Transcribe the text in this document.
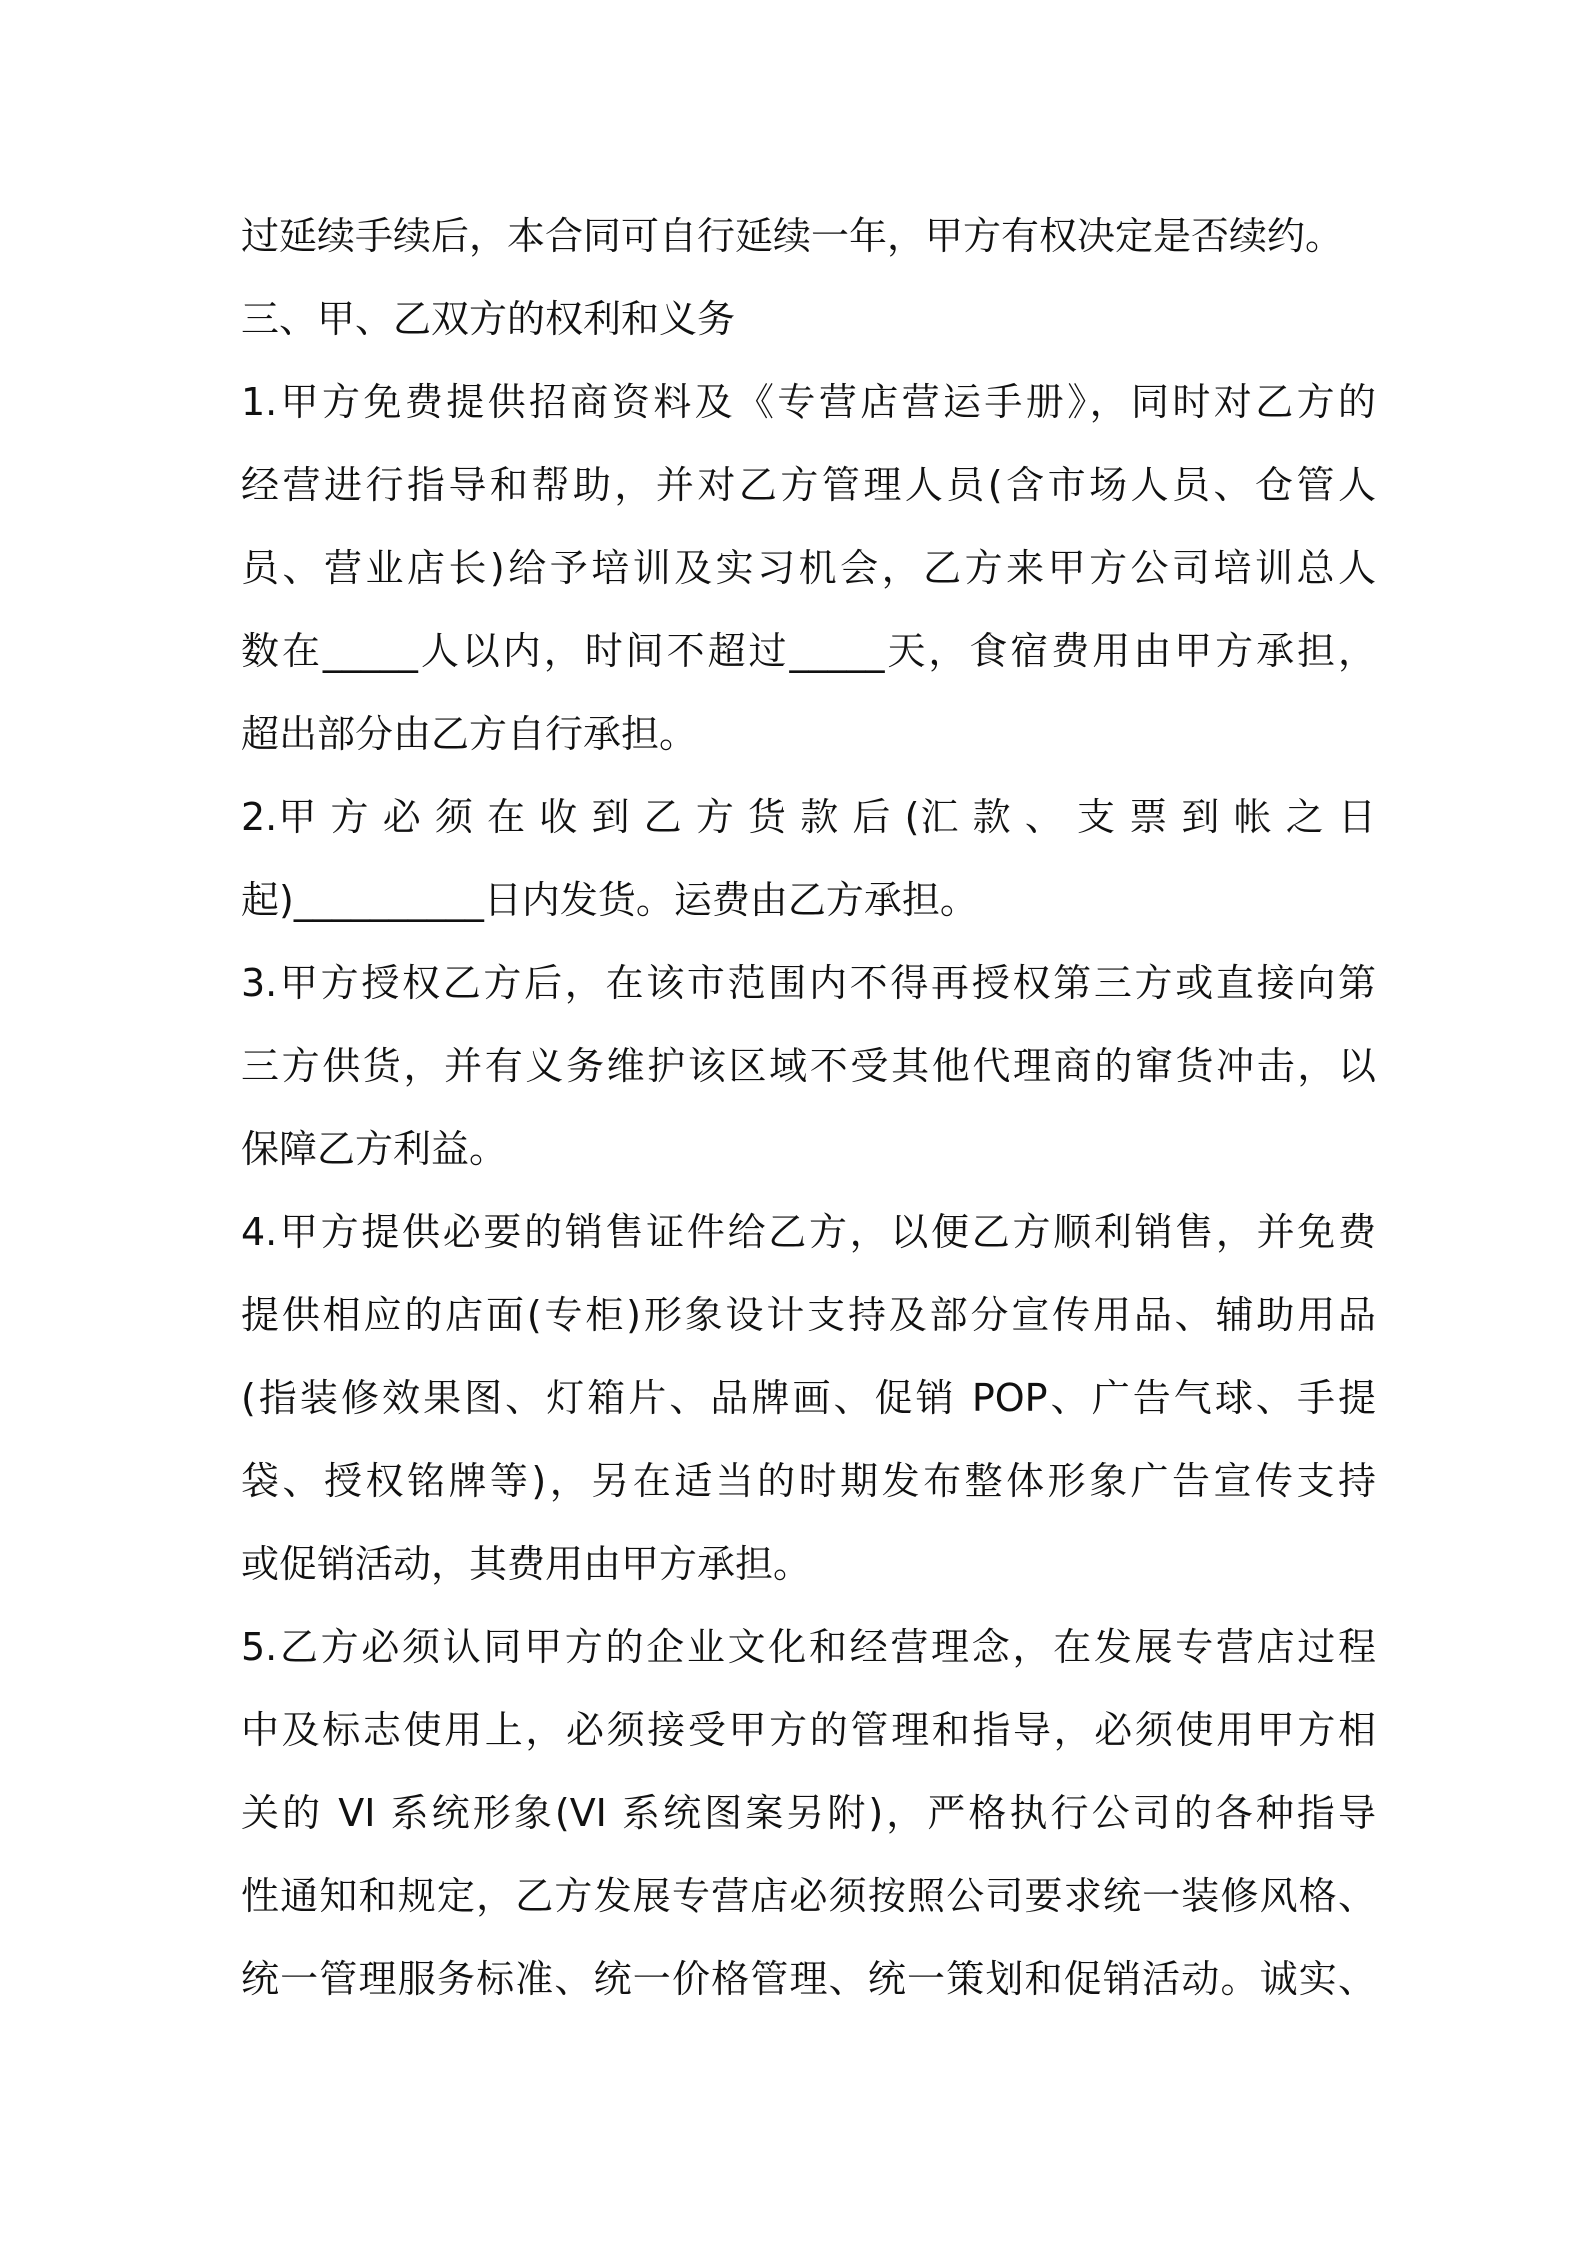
过延续手续后，本合同可自行延续一年，甲方有权决定是否续约。
三、甲、乙双方的权利和义务
1.甲方免费提供招商资料及《专营店营运手册》，同时对乙方的
经营进行指导和帮助，并对乙方管理人员(含市场人员、仓管人
员、营业店长)给予培训及实习机会，乙方来甲方公司培训总人
数在_____人以内，时间不超过_____天，食宿费用由甲方承担，
超出部分由乙方自行承担。
2.甲 方 必 须 在 收 到 乙 方 货 款 后 (汇 款 、 支 票 到 帐 之 日
起)__________日内发货。运费由乙方承担。
3.甲方授权乙方后，在该市范围内不得再授权第三方或直接向第
三方供货，并有义务维护该区域不受其他代理商的窜货冲击，以
保障乙方利益。
4.甲方提供必要的销售证件给乙方，以便乙方顺利销售，并免费
提供相应的店面(专柜)形象设计支持及部分宣传用品、辅助用品
(指装修效果图、灯箱片、品牌画、促销 POP、广告气球、手提
袋、授权铭牌等)，另在适当的时期发布整体形象广告宣传支持
或促销活动，其费用由甲方承担。
5.乙方必须认同甲方的企业文化和经营理念，在发展专营店过程
中及标志使用上，必须接受甲方的管理和指导，必须使用甲方相
关的 VI 系统形象(VI 系统图案另附)，严格执行公司的各种指导
性通知和规定，乙方发展专营店必须按照公司要求统一装修风格、
统一管理服务标准、统一价格管理、统一策划和促销活动。诚实、
